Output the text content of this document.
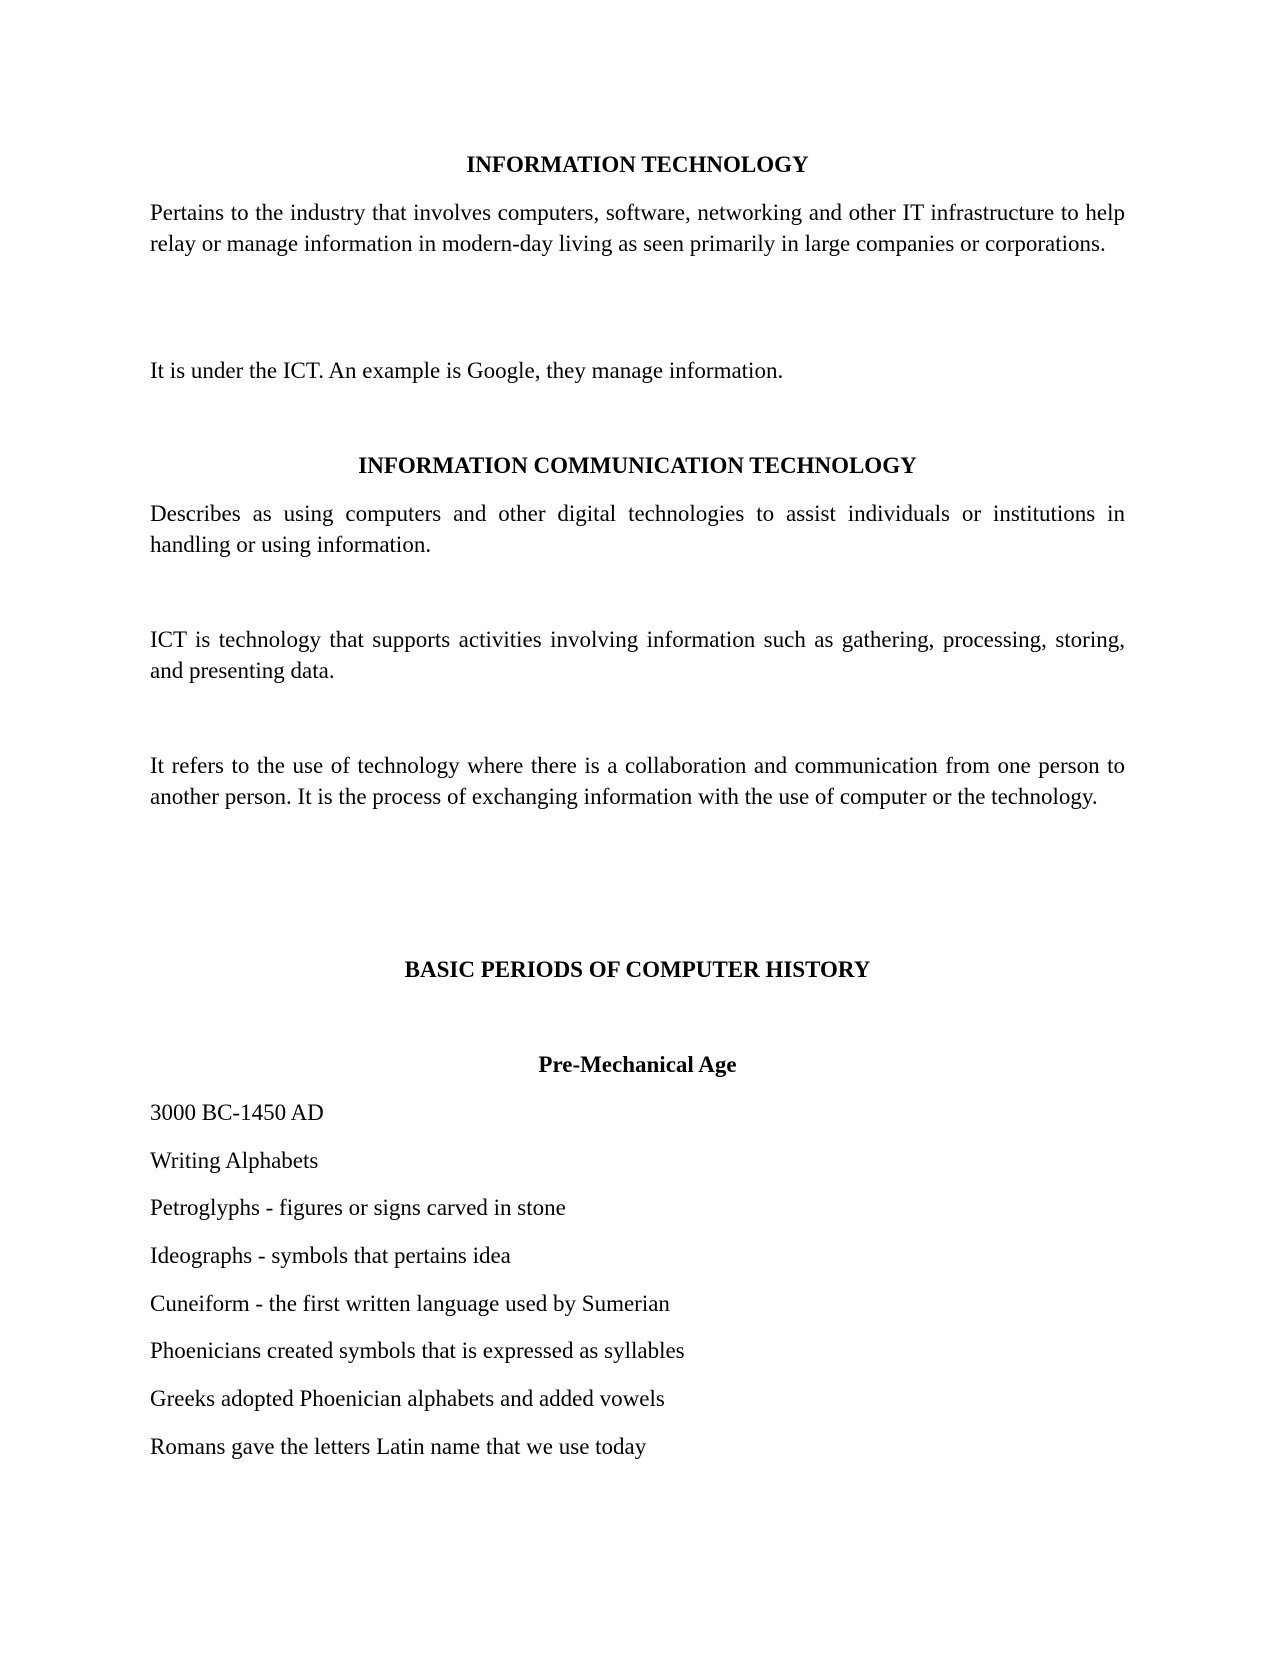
INFORMATION TECHNOLOGY

Pertains to the industry that involves computers, software, networking and other IT infrastructure to help relay or manage information in modern-day living as seen primarily in large companies or corporations.

It is under the ICT. An example is Google, they manage information.

INFORMATION COMMUNICATION TECHNOLOGY

Describes as using computers and other digital technologies to assist individuals or institutions in handling or using information.

ICT is technology that supports activities involving information such as gathering, processing, storing, and presenting data.

It refers to the use of technology where there is a collaboration and communication from one person to another person. It is the process of exchanging information with the use of computer or the technology.

BASIC PERIODS OF COMPUTER HISTORY
Pre-Mechanical Age

3000 BC-1450 AD

Writing Alphabets

Petroglyphs - figures or signs carved in stone

Ideographs - symbols that pertains idea

Cuneiform - the first written language used by Sumerian

Phoenicians created symbols that is expressed as syllables

Greeks adopted Phoenician alphabets and added vowels

Romans gave the letters Latin name that we use today
